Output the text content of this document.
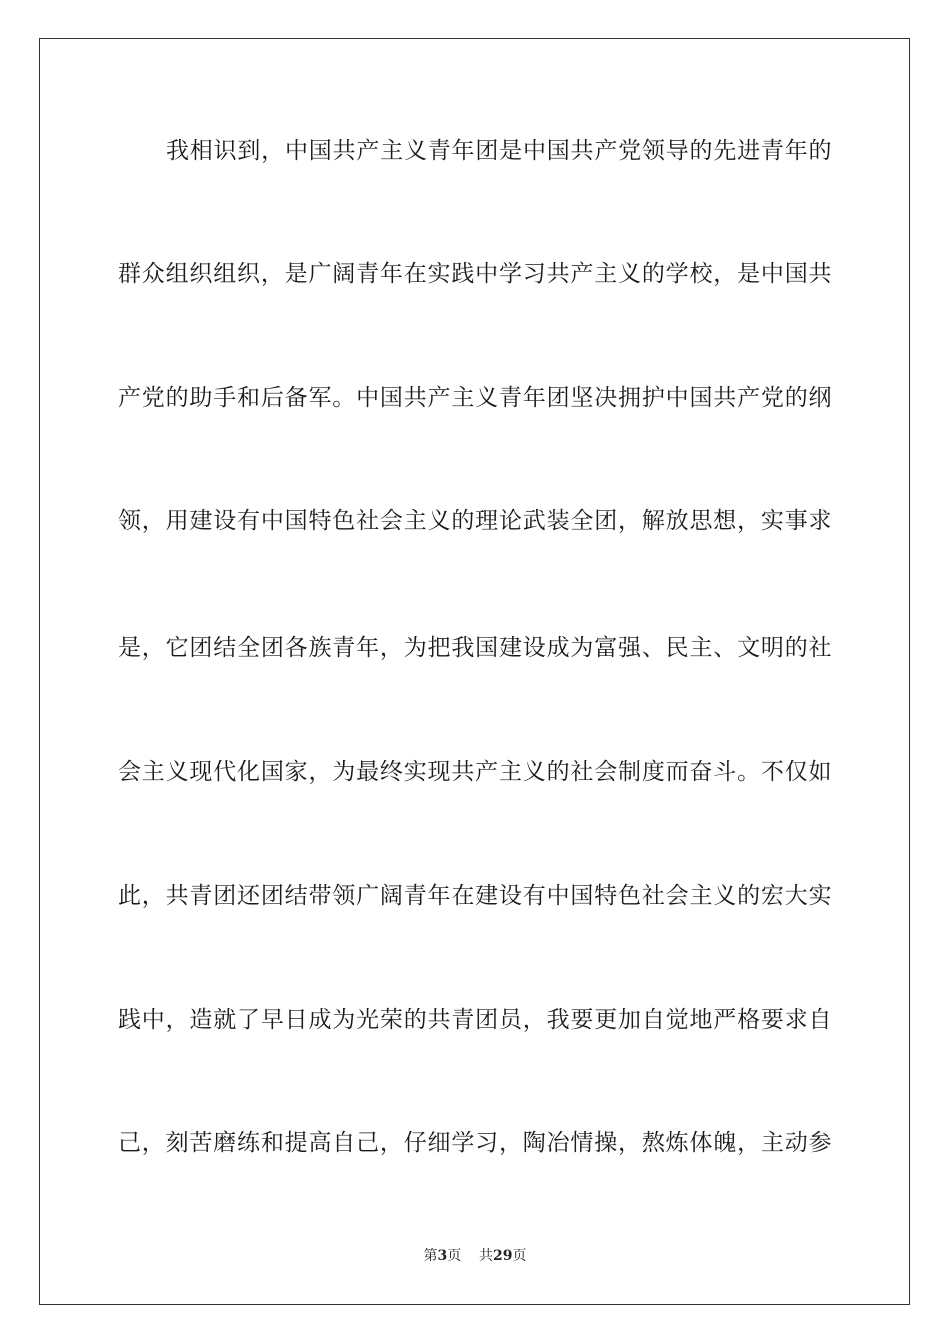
我相识到，中国共产主义青年团是中国共产党领导的先进青年的
群众组织组织，是广阔青年在实践中学习共产主义的学校，是中国共
产党的助手和后备军。中国共产主义青年团坚决拥护中国共产党的纲
领，用建设有中国特色社会主义的理论武装全团，解放思想，实事求
是，它团结全团各族青年，为把我国建设成为富强、民主、文明的社
会主义现代化国家，为最终实现共产主义的社会制度而奋斗。不仅如
此，共青团还团结带领广阔青年在建设有中国特色社会主义的宏大实
践中，造就了早日成为光荣的共青团员，我要更加自觉地严格要求自
己，刻苦磨练和提高自己，仔细学习，陶冶情操，熬炼体魄，主动参
第3页 共29页
